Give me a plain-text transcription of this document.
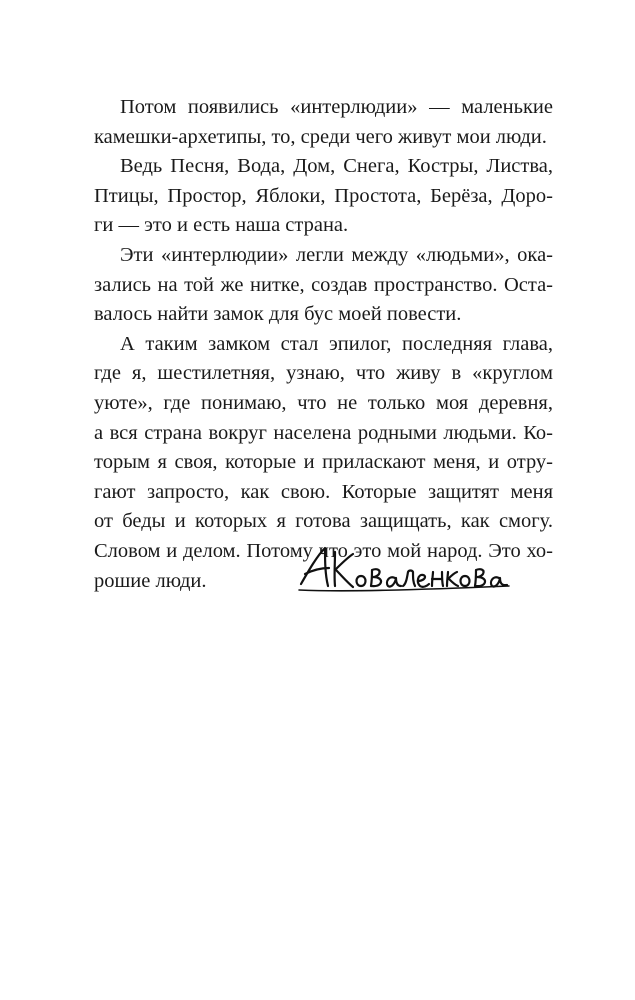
Потом появились «интерлюдии» — маленькие
камешки-архетипы, то, среди чего живут мои люди.

Ведь Песня, Вода, Дом, Снега, Костры, Листва,
Птицы, Простор, Яблоки, Простота, Берёза, Доро-
ги — это и есть наша страна.

Эти «интерлюдии» легли между «людьми», ока-
зались на той же нитке, создав пространство. Оста-
валось найти замок для бус моей повести.

А таким замком стал эпилог, последняя глава,
где я, шестилетняя, узнаю, что живу в «круглом
уюте», где понимаю, что не только моя деревня,
а вся страна вокруг населена родными людьми. Ко-
торым я своя, которые и приласкают меня, и отру-
гают запросто, как свою. Которые защитят меня
от беды и которых я готова защищать, как смогу.
Словом и делом. Потому что это мой народ. Это хо-
рошие люди.
